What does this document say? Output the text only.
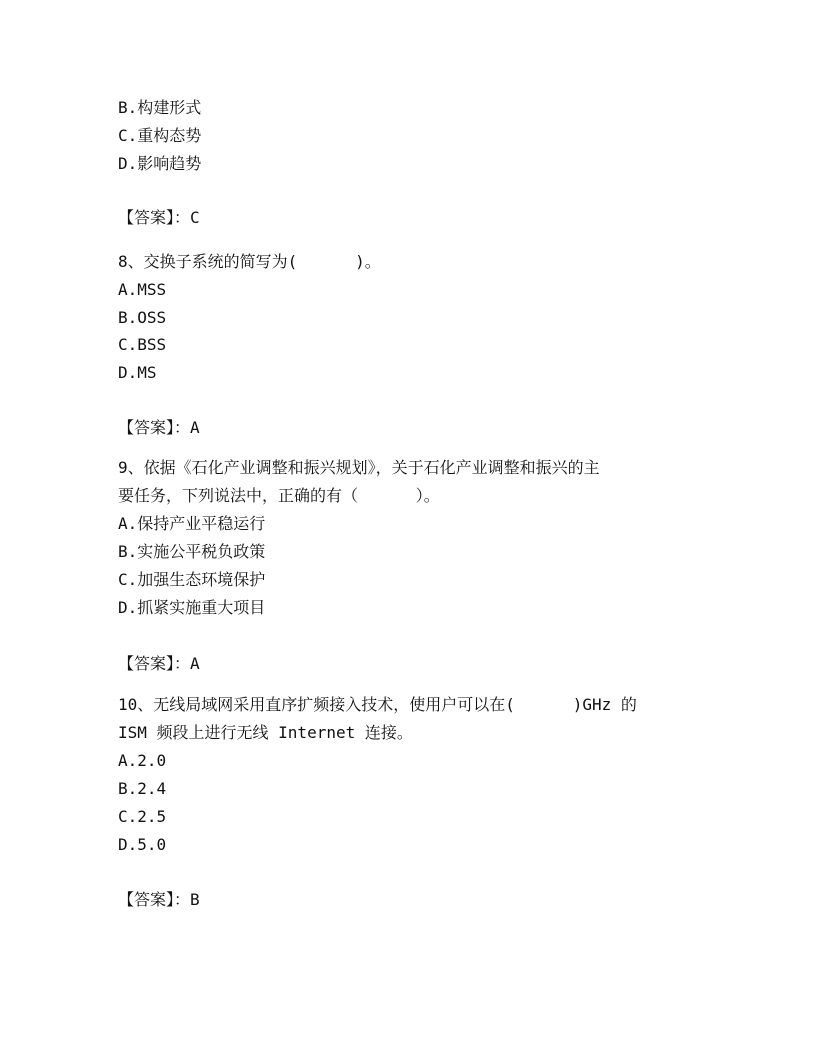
B.构建形式
C.重构态势
D.影响趋势
【答案】：C
8、交换子系统的简写为(      )。
A.MSS
B.OSS
C.BSS
D.MS
【答案】：A
9、依据《石化产业调整和振兴规划》，关于石化产业调整和振兴的主
要任务，下列说法中，正确的有（      ）。
A.保持产业平稳运行
B.实施公平税负政策
C.加强生态环境保护
D.抓紧实施重大项目
【答案】：A
10、无线局域网采用直序扩频接入技术，使用户可以在(      )GHz 的
ISM 频段上进行无线 Internet 连接。
A.2.0
B.2.4
C.2.5
D.5.0
【答案】：B
